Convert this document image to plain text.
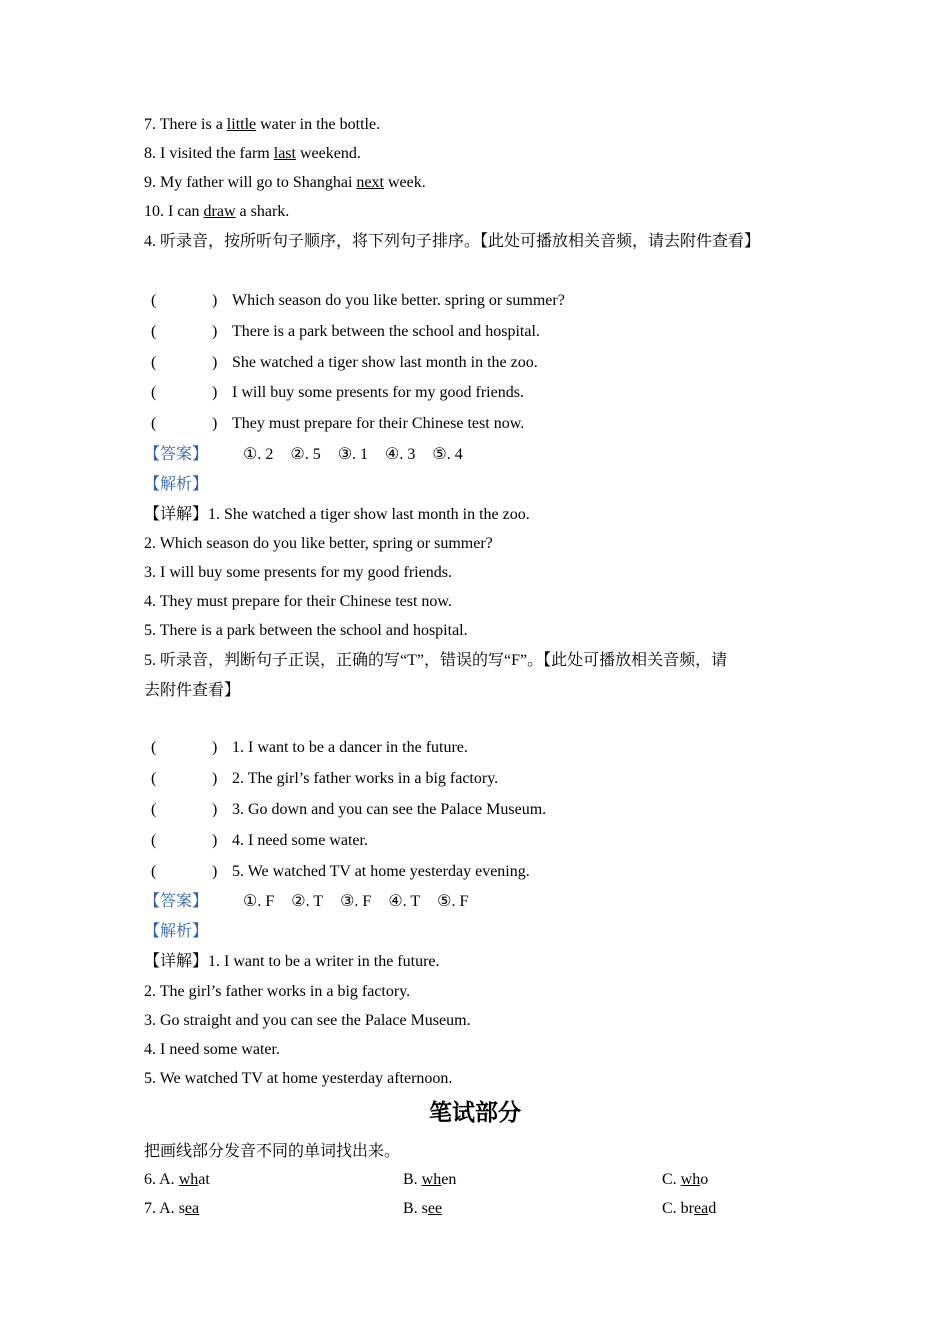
7. There is a little water in the bottle.
8. I visited the farm last weekend.
9. My father will go to Shanghai next week.
10. I can draw a shark.
4. 听录音，按所听句子顺序，将下列句子排序。【此处可播放相关音频，请去附件查看】
(	) Which season do you like better. spring or summer?
(	) There is a park between the school and hospital.
(	) She watched a tiger show last month in the zoo.
(	) I will buy some presents for my good friends.
(	) They must prepare for their Chinese test now.
【答案】 ①. 2 ②. 5 ③. 1 ④. 3 ⑤. 4
【解析】
【详解】1. She watched a tiger show last month in the zoo.
2. Which season do you like better, spring or summer?
3. I will buy some presents for my good friends.
4. They must prepare for their Chinese test now.
5. There is a park between the school and hospital.
5. 听录音，判断句子正误，正确的写“T”，错误的写“F”。【此处可播放相关音频，请
去附件查看】
(	) 1. I want to be a dancer in the future.
(	) 2. The girl’s father works in a big factory.
(	) 3. Go down and you can see the Palace Museum.
(	) 4. I need some water.
(	) 5. We watched TV at home yesterday evening.
【答案】 ①. F ②. T ③. F ④. T ⑤. F
【解析】
【详解】1. I want to be a writer in the future.
2. The girl’s father works in a big factory.
3. Go straight and you can see the Palace Museum.
4. I need some water.
5. We watched TV at home yesterday afternoon.
笔试部分
把画线部分发音不同的单词找出来。
6. A. what	B. when	C. who
7. A. sea	B. see	C. bread
